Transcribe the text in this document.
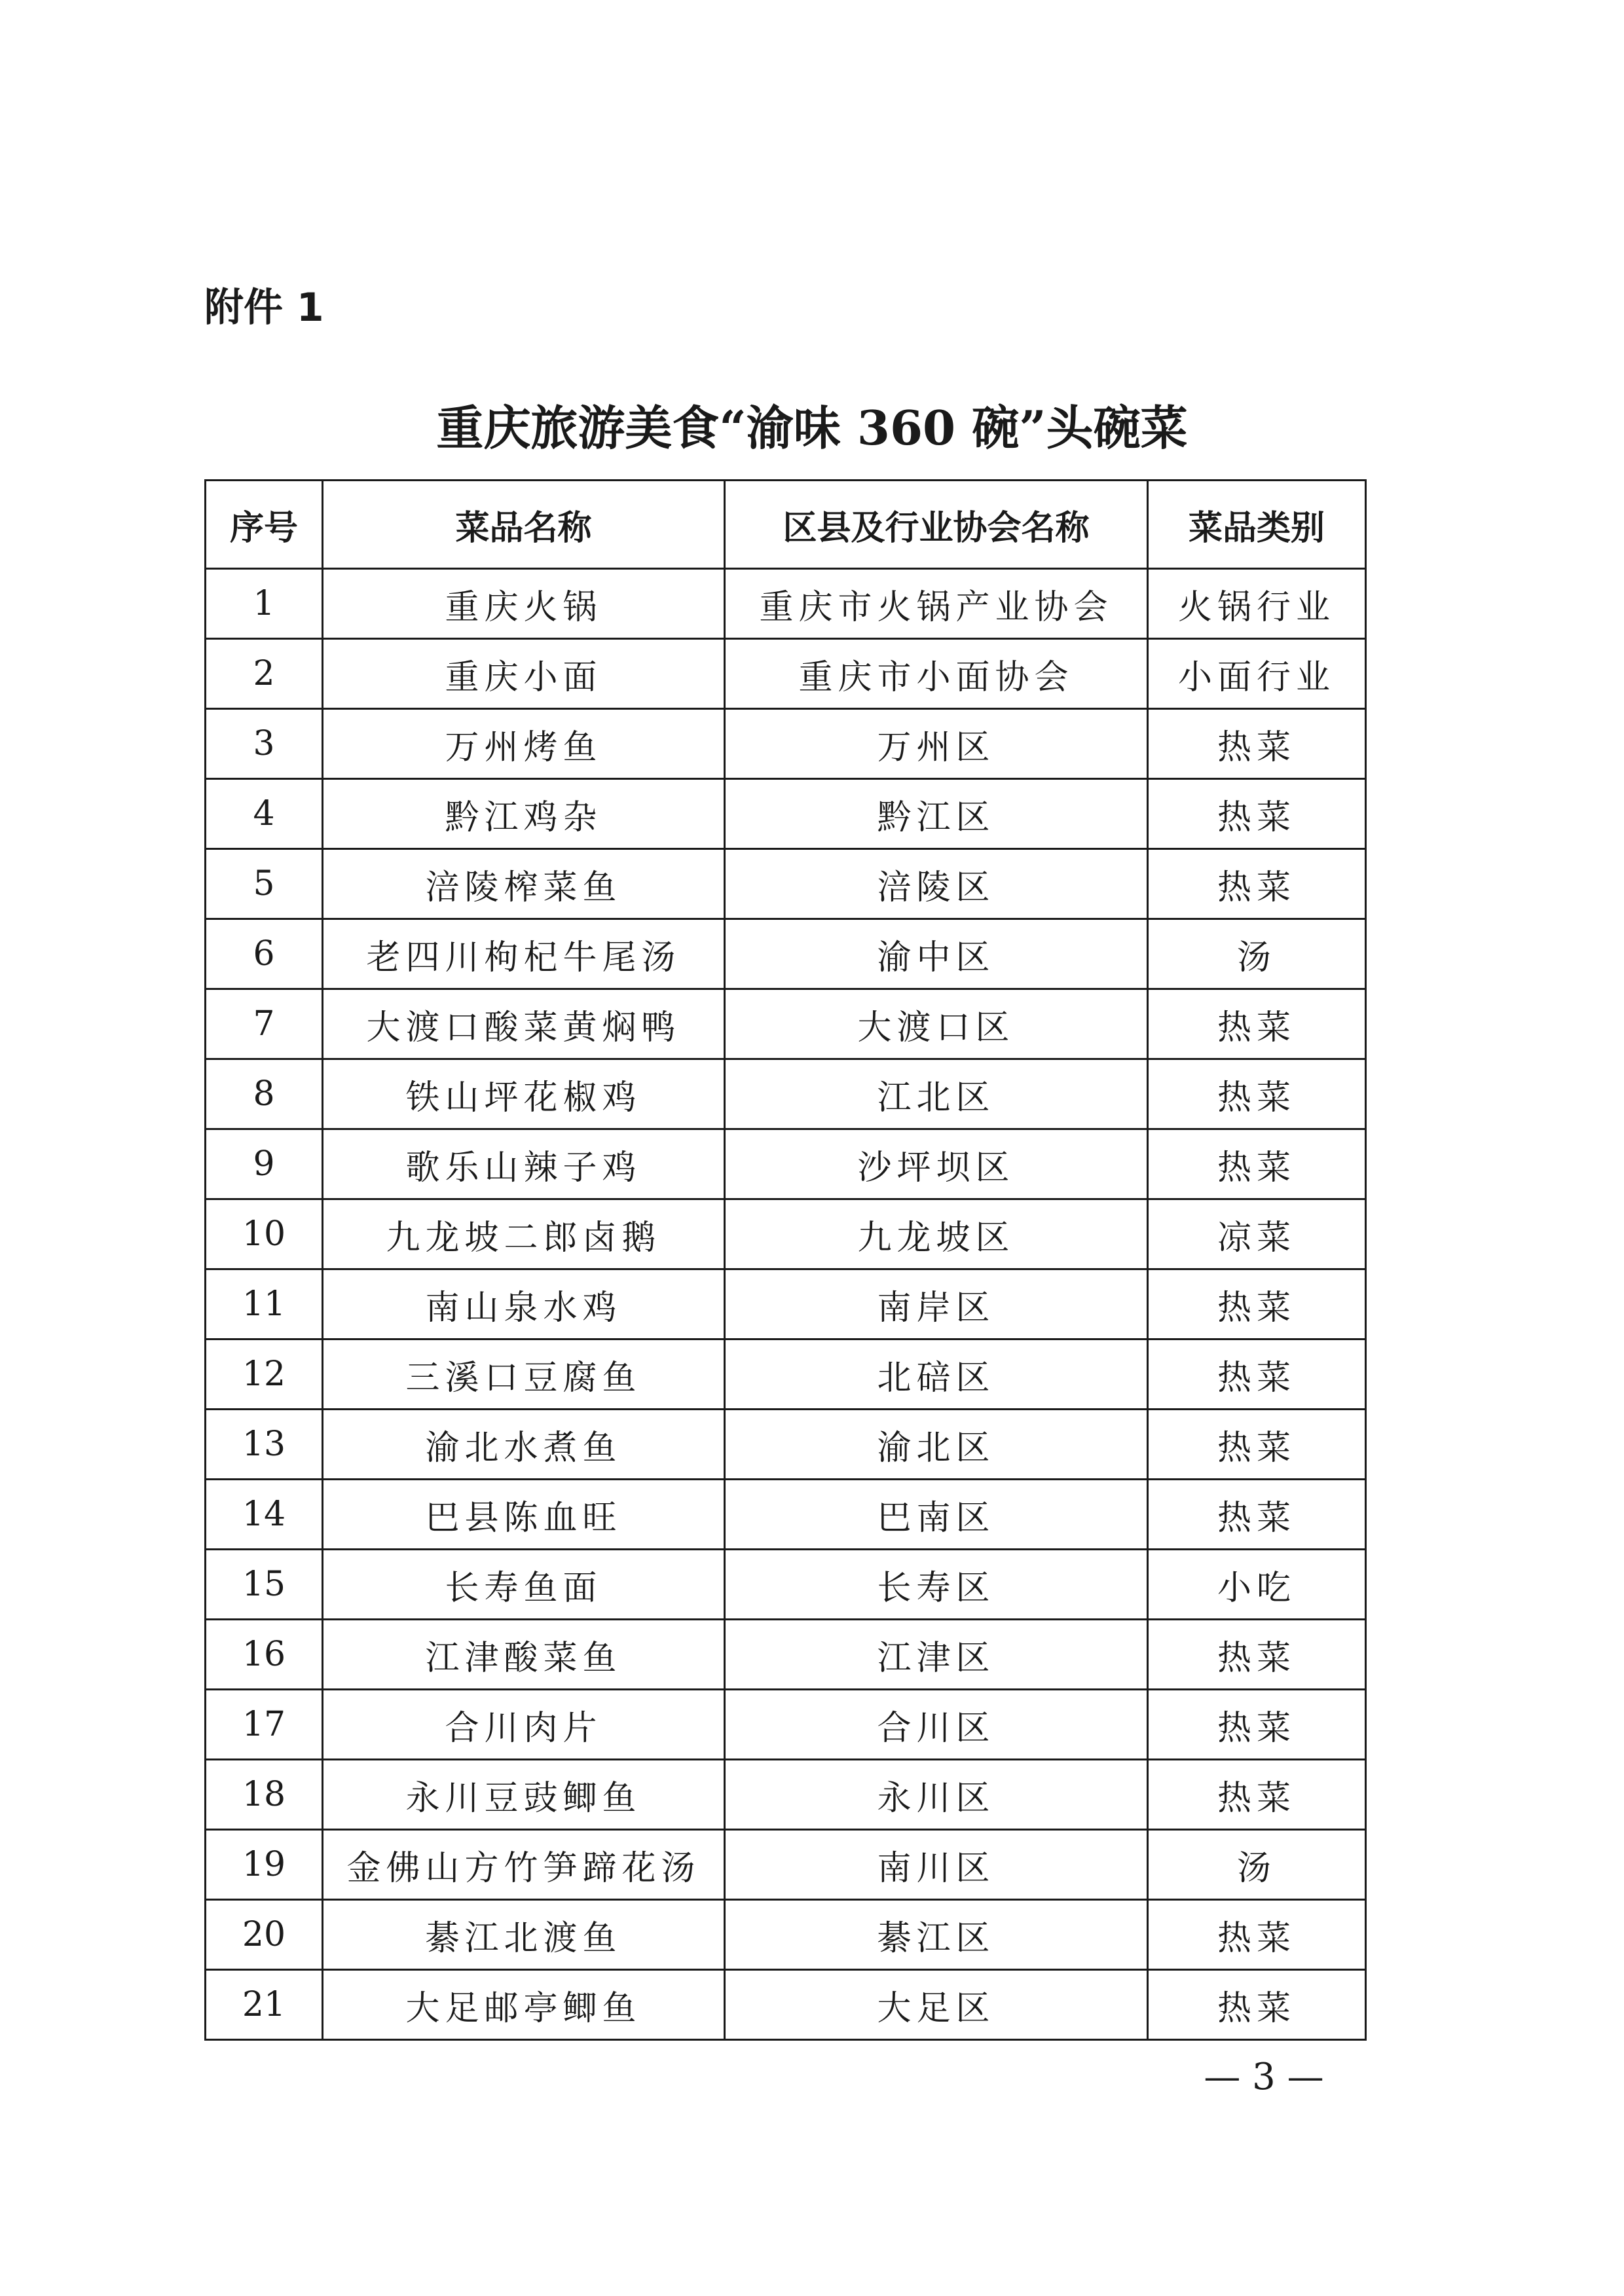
附件 1
重庆旅游美食“渝味 360 碗”头碗菜
序号	菜品名称	区县及行业协会名称	菜品类别
1	重庆火锅	重庆市火锅产业协会	火锅行业
2	重庆小面	重庆市小面协会	小面行业
3	万州烤鱼	万州区	热菜
4	黔江鸡杂	黔江区	热菜
5	涪陵榨菜鱼	涪陵区	热菜
6	老四川枸杞牛尾汤	渝中区	汤
7	大渡口酸菜黄焖鸭	大渡口区	热菜
8	铁山坪花椒鸡	江北区	热菜
9	歌乐山辣子鸡	沙坪坝区	热菜
10	九龙坡二郎卤鹅	九龙坡区	凉菜
11	南山泉水鸡	南岸区	热菜
12	三溪口豆腐鱼	北碚区	热菜
13	渝北水煮鱼	渝北区	热菜
14	巴县陈血旺	巴南区	热菜
15	长寿鱼面	长寿区	小吃
16	江津酸菜鱼	江津区	热菜
17	合川肉片	合川区	热菜
18	永川豆豉鲫鱼	永川区	热菜
19	金佛山方竹笋蹄花汤	南川区	汤
20	綦江北渡鱼	綦江区	热菜
21	大足邮亭鲫鱼	大足区	热菜
— 3 —
